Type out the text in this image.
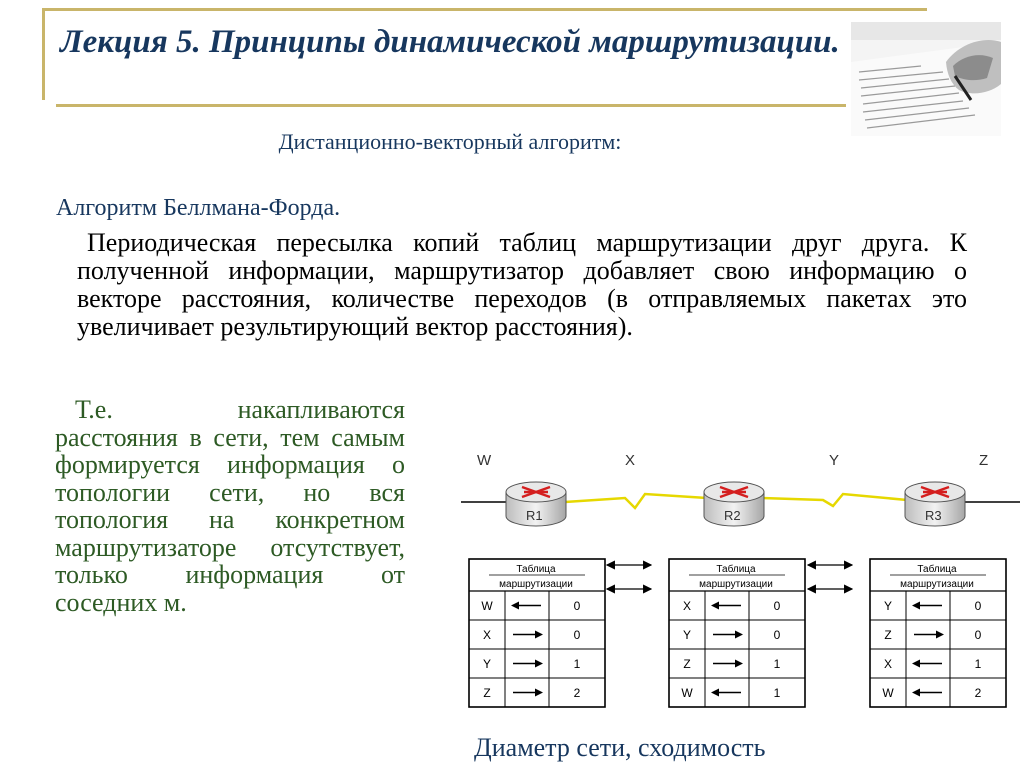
Лекция 5. Принципы динамической маршрутизации.

Дистанционно-векторный алгоритм:

Алгоритм Беллмана-Форда.

Периодическая пересылка копий таблиц маршрутизации друг друга. К полученной информации, маршрутизатор добавляет свою информацию о векторе расстояния, количестве переходов (в отправляемых пакетах это увеличивает результирующий вектор расстояния).

Т.е. накапливаются расстояния в сети, тем самым формируется информация о топологии сети, но вся топология на конкретном маршрутизаторе отсутствует, только информация от соседних м.

W	X	Y	Z
R1	R2	R3
Таблица
маршрутизации
W	0
X	0
Y	1
Z	2
Таблица
маршрутизации
X	0
Y	0
Z	1
W	1
Таблица
маршрутизации
Y	0
Z	0
X	1
W	2

Диаметр сети, сходимость
